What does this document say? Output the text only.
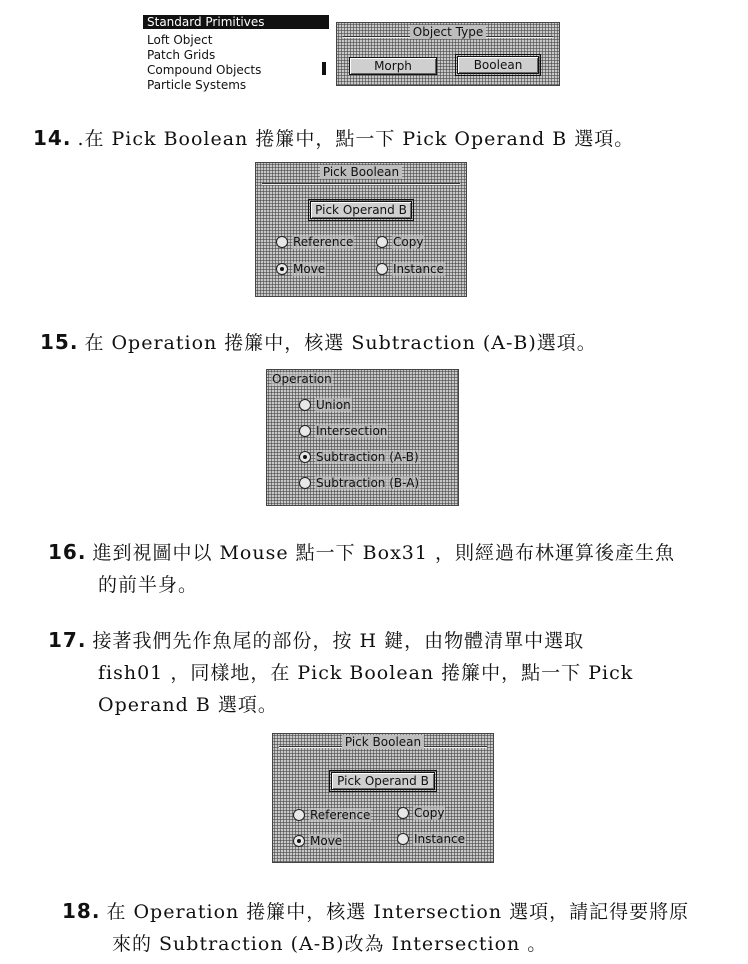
Standard Primitives
Loft Object
Patch Grids
Compound Objects
Particle Systems
Object Type
Morph	Boolean
14. .在 Pick Boolean 捲簾中，點一下 Pick Operand B 選項。
Pick Boolean
Pick Operand B
Reference	Copy
Move	Instance
15. 在 Operation 捲簾中，核選 Subtraction (A-B)選項。
Operation
Union
Intersection
Subtraction (A-B)
Subtraction (B-A)
16. 進到視圖中以 Mouse 點一下 Box31 ，則經過布林運算後產生魚
的前半身。
17. 接著我們先作魚尾的部份，按 H 鍵，由物體清單中選取
fish01 ，同樣地，在 Pick Boolean 捲簾中，點一下 Pick
Operand B 選項。
Pick Boolean
Pick Operand B
Reference	Copy
Move	Instance
18. 在 Operation 捲簾中，核選 Intersection 選項，請記得要將原
來的 Subtraction (A-B)改為 Intersection 。
